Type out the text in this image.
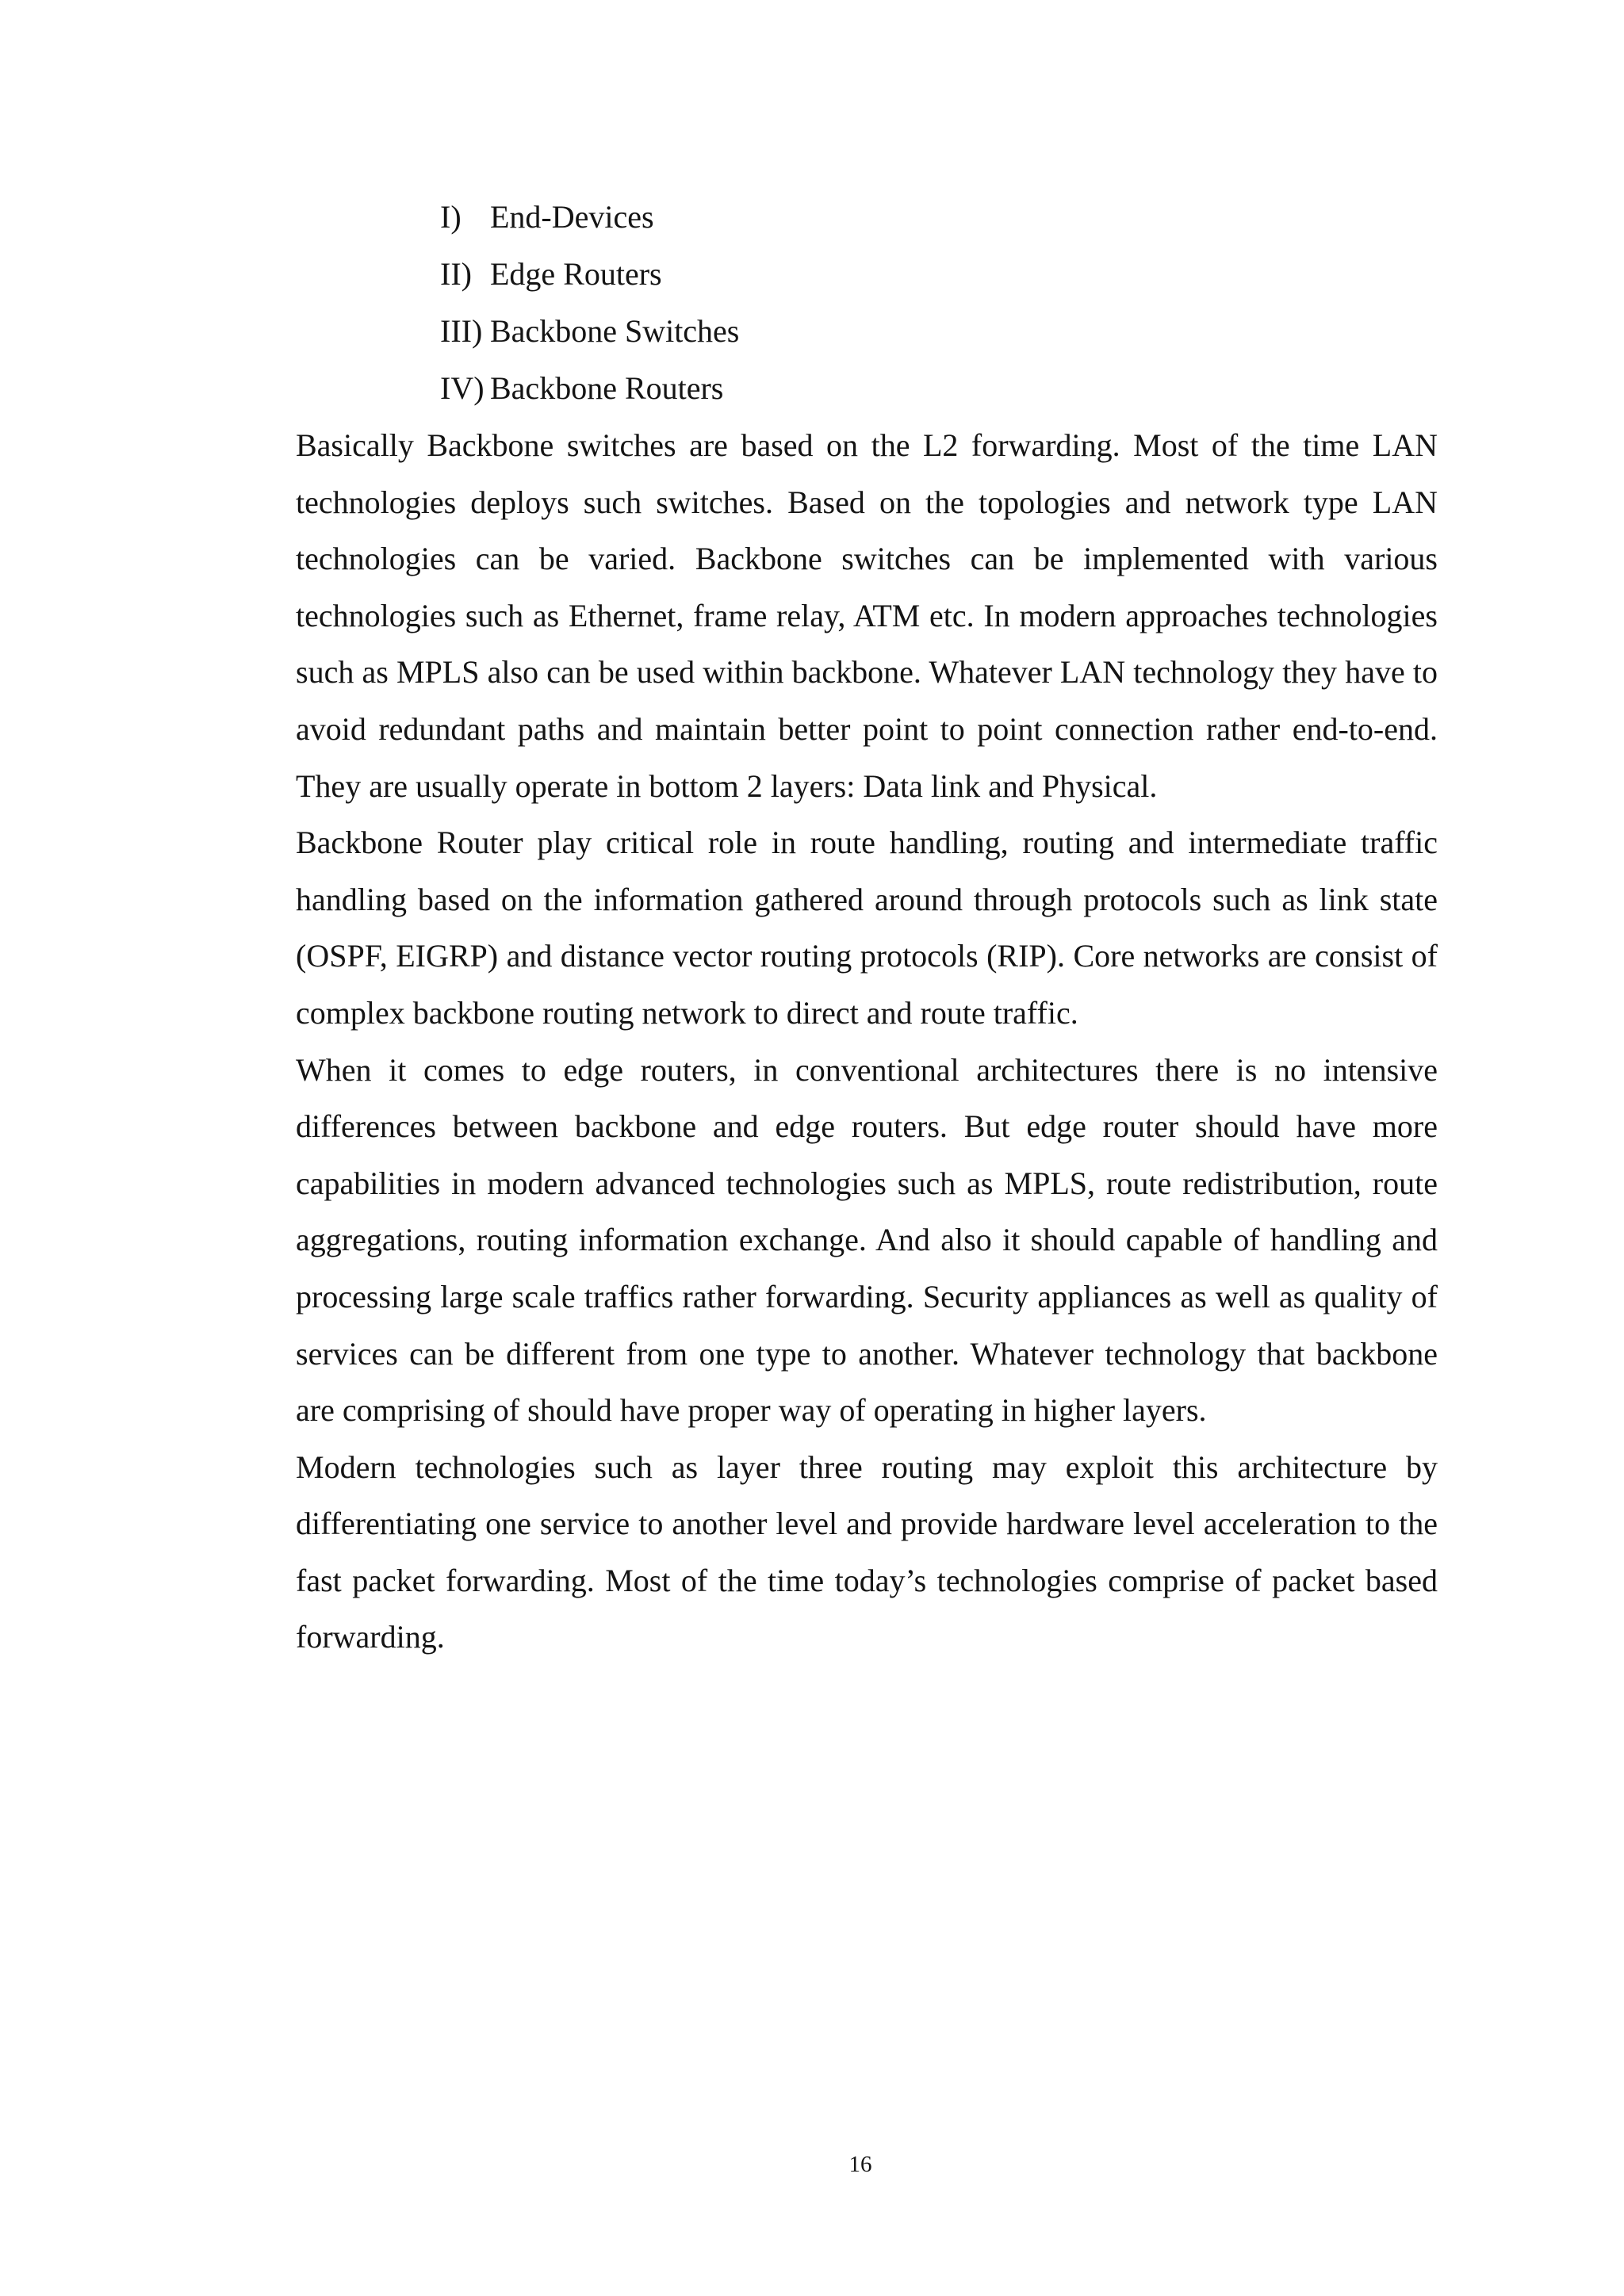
I) End-Devices
II) Edge Routers
III) Backbone Switches
IV) Backbone Routers

Basically Backbone switches are based on the L2 forwarding. Most of the time LAN technologies deploys such switches. Based on the topologies and network type LAN technologies can be varied. Backbone switches can be implemented with various technologies such as Ethernet, frame relay, ATM etc. In modern approaches technologies such as MPLS also can be used within backbone. Whatever LAN technology they have to avoid redundant paths and maintain better point to point connection rather end-to-end. They are usually operate in bottom 2 layers: Data link and Physical.

Backbone Router play critical role in route handling, routing and intermediate traffic handling based on the information gathered around through protocols such as link state (OSPF, EIGRP) and distance vector routing protocols (RIP). Core networks are consist of complex backbone routing network to direct and route traffic.

When it comes to edge routers, in conventional architectures there is no intensive differences between backbone and edge routers. But edge router should have more capabilities in modern advanced technologies such as MPLS, route redistribution, route aggregations, routing information exchange. And also it should capable of handling and processing large scale traffics rather forwarding. Security appliances as well as quality of services can be different from one type to another. Whatever technology that backbone are comprising of should have proper way of operating in higher layers.

Modern technologies such as layer three routing may exploit this architecture by differentiating one service to another level and provide hardware level acceleration to the fast packet forwarding. Most of the time today’s technologies comprise of packet based forwarding.

16
